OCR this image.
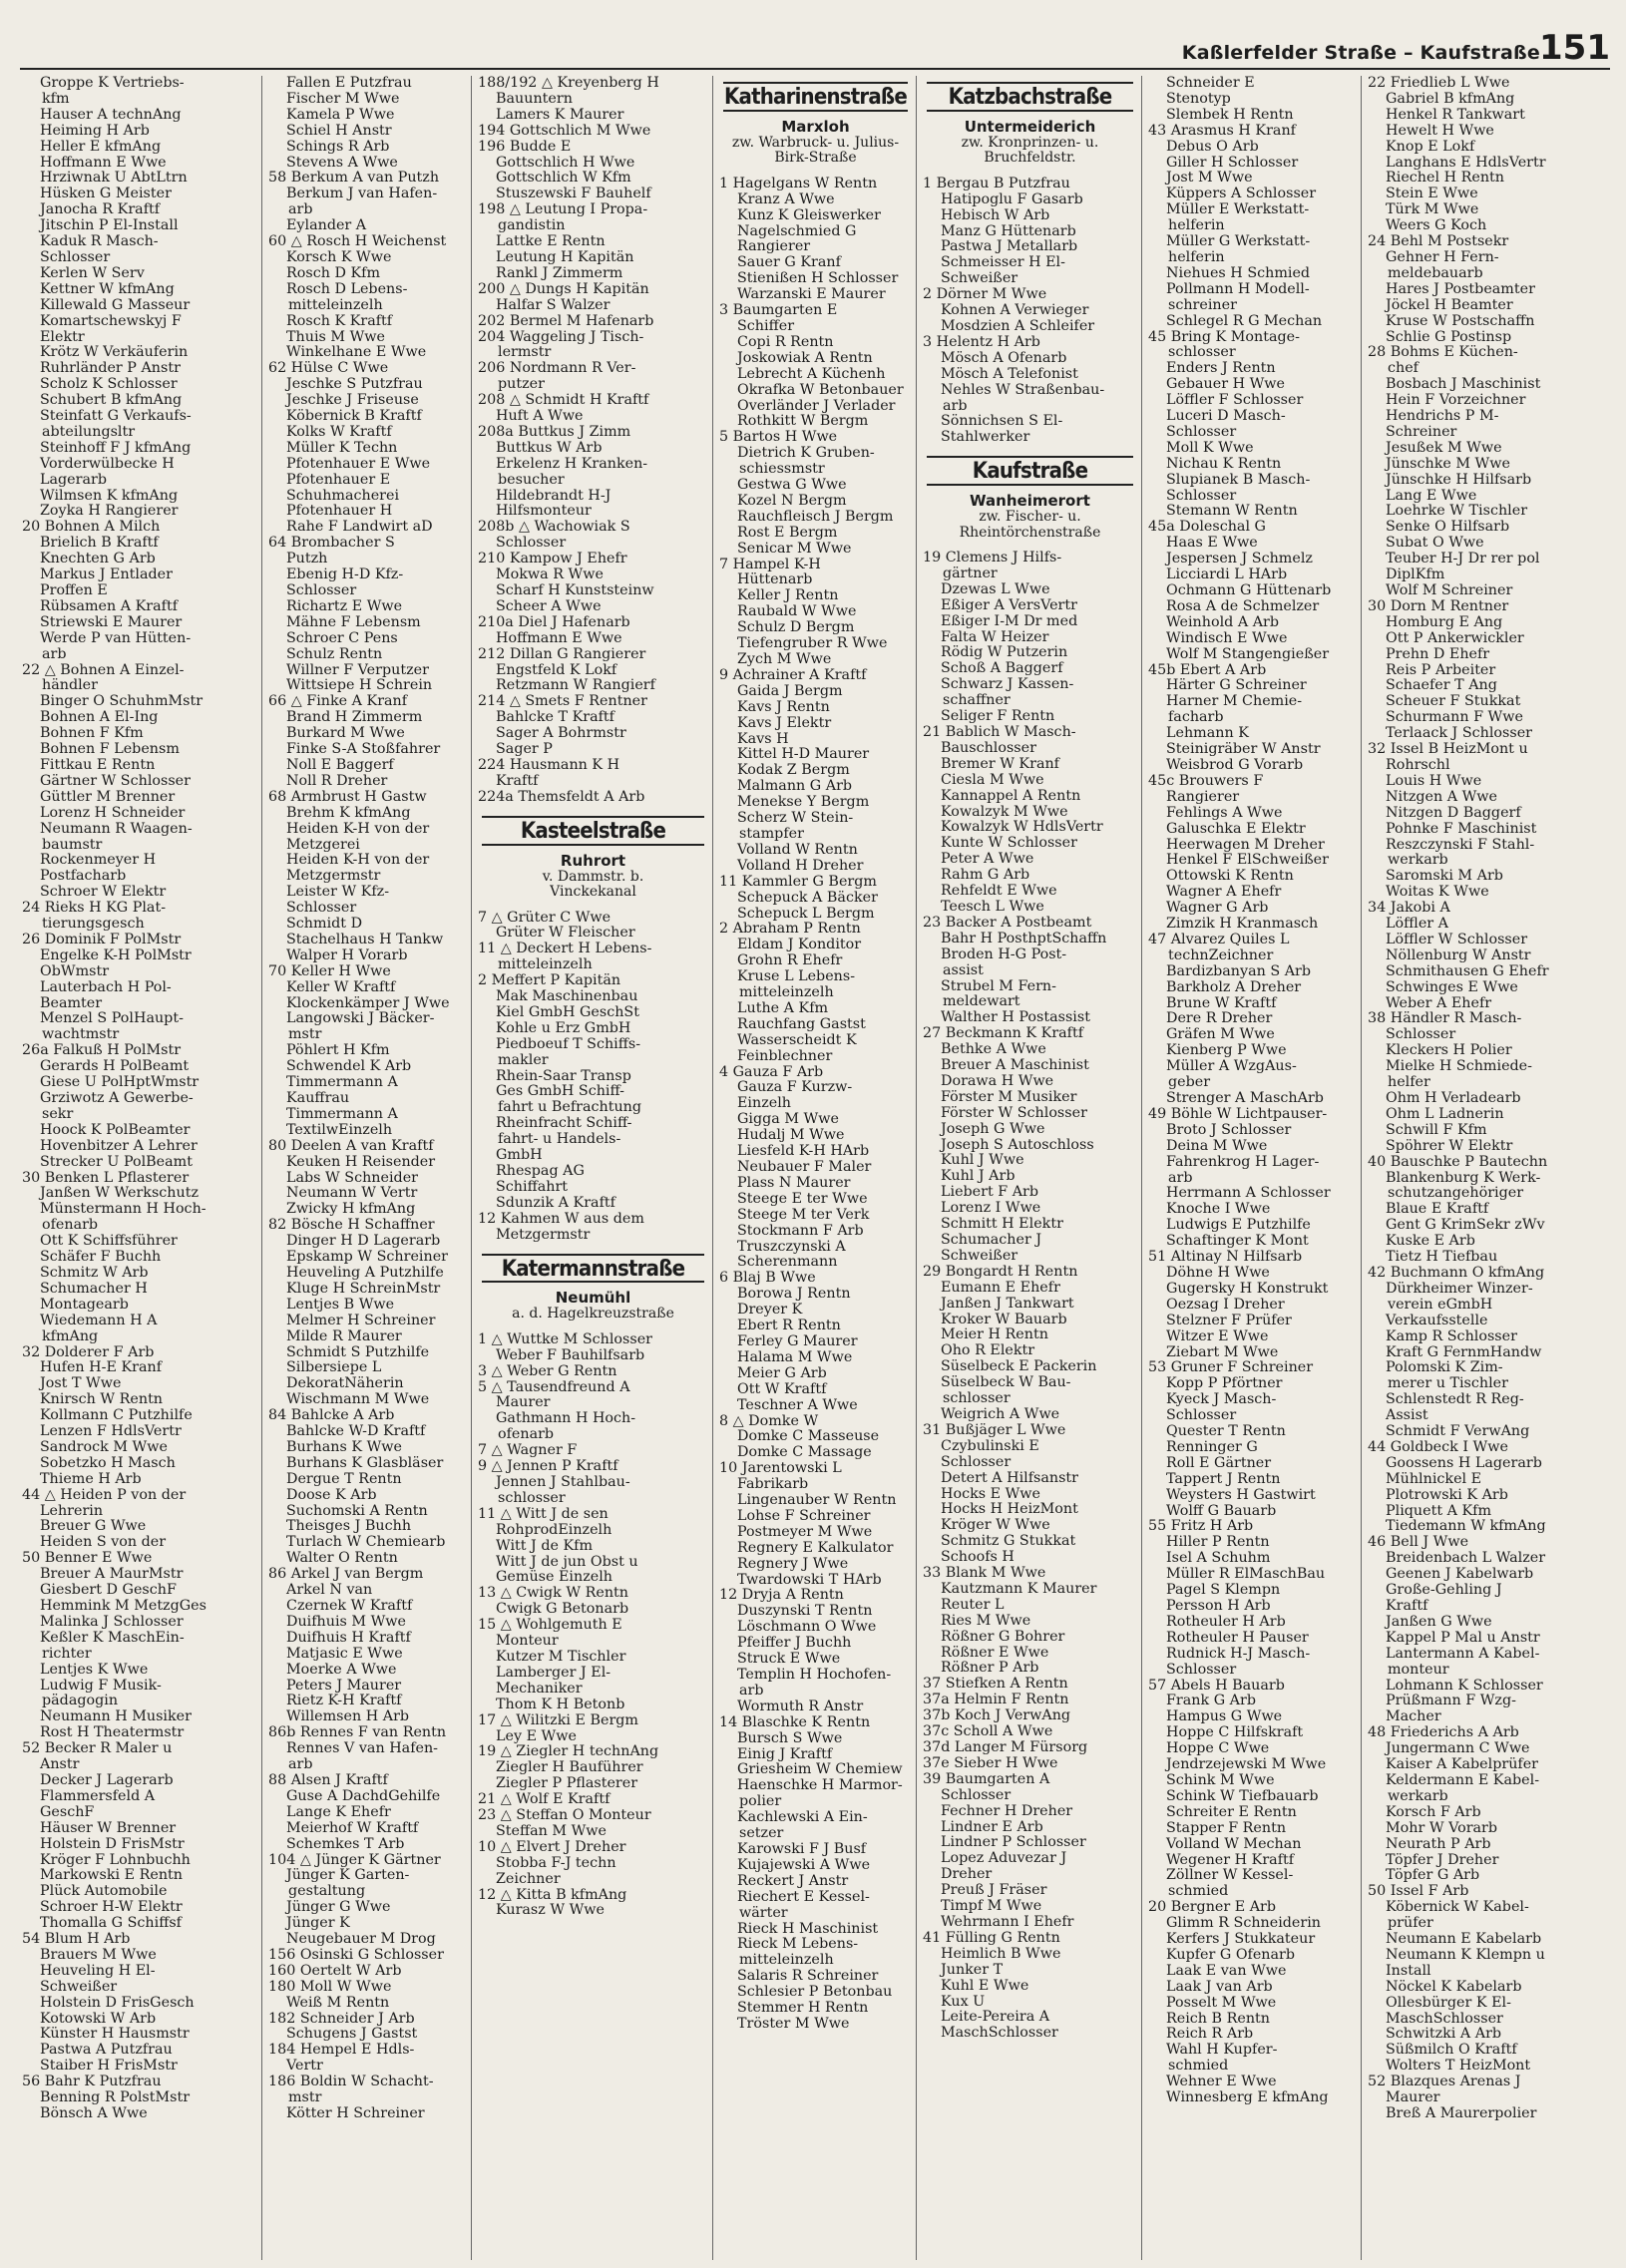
Kaßlerfelder Straße – Kaufstraße 151
Groppe K Vertriebs-
kfm
Hauser A technAng
Heiming H Arb
Heller E kfmAng
Hoffmann E Wwe
Hrziwnak U AbtLtrn
Hüsken G Meister
Janocha R Kraftf
Jitschin P El-Install
Kaduk R Masch-
Schlosser
Kerlen W Serv
Kettner W kfmAng
Killewald G Masseur
Komartschewskyj F
Elektr
Krötz W Verkäuferin
Ruhrländer P Anstr
Scholz K Schlosser
Schubert B kfmAng
Steinfatt G Verkaufs-
abteilungsltr
Steinhoff F J kfmAng
Vorderwülbecke H
Lagerarb
Wilmsen K kfmAng
Zoyka H Rangierer
20 Bohnen A Milch
Brielich B Kraftf
Knechten G Arb
Markus J Entlader
Proffen E
Rübsamen A Kraftf
Striewski E Maurer
Werde P van Hütten-
arb
22 △ Bohnen A Einzel-
händler
Binger O SchuhmMstr
Bohnen A El-Ing
Bohnen F Kfm
Bohnen F Lebensm
Fittkau E Rentn
Gärtner W Schlosser
Güttler M Brenner
Lorenz H Schneider
Neumann R Waagen-
baumstr
Rockenmeyer H
Postfacharb
Schroer W Elektr
24 Rieks H KG Plat-
tierungsgesch
26 Dominik F PolMstr
Engelke K-H PolMstr
ObWmstr
Lauterbach H Pol-
Beamter
Menzel S PolHaupt-
wachtmstr
26a Falkuß H PolMstr
Gerards H PolBeamt
Giese U PolHptWmstr
Grziwotz A Gewerbe-
sekr
Hoock K PolBeamter
Hovenbitzer A Lehrer
Strecker U PolBeamt
30 Benken L Pflasterer
Janßen W Werkschutz
Münstermann H Hoch-
ofenarb
Ott K Schiffsführer
Schäfer F Buchh
Schmitz W Arb
Schumacher H
Montagearb
Wiedemann H A
kfmAng
32 Dolderer F Arb
Hufen H-E Kranf
Jost T Wwe
Knirsch W Rentn
Kollmann C Putzhilfe
Lenzen F HdlsVertr
Sandrock M Wwe
Sobetzko H Masch
Thieme H Arb
44 △ Heiden P von der
Lehrerin
Breuer G Wwe
Heiden S von der
50 Benner E Wwe
Breuer A MaurMstr
Giesbert D GeschF
Hemmink M MetzgGes
Malinka J Schlosser
Keßler K MaschEin-
richter
Lentjes K Wwe
Ludwig F Musik-
pädagogin
Neumann H Musiker
Rost H Theatermstr
52 Becker R Maler u
Anstr
Decker J Lagerarb
Flammersfeld A
GeschF
Häuser W Brenner
Holstein D FrisMstr
Kröger F Lohnbuchh
Markowski E Rentn
Plück Automobile
Schroer H-W Elektr
Thomalla G Schiffsf
54 Blum H Arb
Brauers M Wwe
Heuveling H El-
Schweißer
Holstein D FrisGesch
Kotowski W Arb
Künster H Hausmstr
Pastwa A Putzfrau
Staiber H FrisMstr
56 Bahr K Putzfrau
Benning R PolstMstr
Bönsch A Wwe
Fallen E Putzfrau
Fischer M Wwe
Kamela P Wwe
Schiel H Anstr
Schings R Arb
Stevens A Wwe
58 Berkum A van Putzh
Berkum J van Hafen-
arb
Eylander A
60 △ Rosch H Weichenst
Korsch K Wwe
Rosch D Kfm
Rosch D Lebens-
mitteleinzelh
Rosch K Kraftf
Thuis M Wwe
Winkelhane E Wwe
62 Hülse C Wwe
Jeschke S Putzfrau
Jeschke J Friseuse
Köbernick B Kraftf
Kolks W Kraftf
Müller K Techn
Pfotenhauer E Wwe
Pfotenhauer E
Schuhmacherei
Pfotenhauer H
Rahe F Landwirt aD
64 Brombacher S
Putzh
Ebenig H-D Kfz-
Schlosser
Richartz E Wwe
Mähne F Lebensm
Schroer C Pens
Schulz Rentn
Willner F Verputzer
Wittsiepe H Schrein
66 △ Finke A Kranf
Brand H Zimmerm
Burkard M Wwe
Finke S-A Stoßfahrer
Noll E Baggerf
Noll R Dreher
68 Armbrust H Gastw
Brehm K kfmAng
Heiden K-H von der
Metzgerei
Heiden K-H von der
Metzgermstr
Leister W Kfz-
Schlosser
Schmidt D
Stachelhaus H Tankw
Walper H Vorarb
70 Keller H Wwe
Keller W Kraftf
Klockenkämper J Wwe
Langowski J Bäcker-
mstr
Pöhlert H Kfm
Schwendel K Arb
Timmermann A
Kauffrau
Timmermann A
TextilwEinzelh
80 Deelen A van Kraftf
Keuken H Reisender
Labs W Schneider
Neumann W Vertr
Zwicky H kfmAng
82 Bösche H Schaffner
Dinger H D Lagerarb
Epskamp W Schreiner
Heuveling A Putzhilfe
Kluge H SchreinMstr
Lentjes B Wwe
Melmer H Schreiner
Milde R Maurer
Schmidt S Putzhilfe
Silbersiepe L
DekoratNäherin
Wischmann M Wwe
84 Bahlcke A Arb
Bahlcke W-D Kraftf
Burhans K Wwe
Burhans K Glasbläser
Dergue T Rentn
Doose K Arb
Suchomski A Rentn
Theisges J Buchh
Turlach W Chemiearb
Walter O Rentn
86 Arkel J van Bergm
Arkel N van
Czernek W Kraftf
Duifhuis M Wwe
Duifhuis H Kraftf
Matjasic E Wwe
Moerke A Wwe
Peters J Maurer
Rietz K-H Kraftf
Willemsen H Arb
86b Rennes F van Rentn
Rennes V van Hafen-
arb
88 Alsen J Kraftf
Guse A DachdGehilfe
Lange K Ehefr
Meierhof W Kraftf
Schemkes T Arb
104 △ Jünger K Gärtner
Jünger K Garten-
gestaltung
Jünger G Wwe
Jünger K
Neugebauer M Drog
156 Osinski G Schlosser
160 Oertelt W Arb
180 Moll W Wwe
Weiß M Rentn
182 Schneider J Arb
Schugens J Gastst
184 Hempel E Hdls-
Vertr
186 Boldin W Schacht-
mstr
Kötter H Schreiner
188/192 △ Kreyenberg H
Bauuntern
Lamers K Maurer
194 Gottschlich M Wwe
196 Budde E
Gottschlich H Wwe
Gottschlich W Kfm
Stuszewski F Bauhelf
198 △ Leutung I Propa-
gandistin
Lattke E Rentn
Leutung H Kapitän
Rankl J Zimmerm
200 △ Dungs H Kapitän
Halfar S Walzer
202 Bermel M Hafenarb
204 Waggeling J Tisch-
lermstr
206 Nordmann R Ver-
putzer
208 △ Schmidt H Kraftf
Huft A Wwe
208a Buttkus J Zimm
Buttkus W Arb
Erkelenz H Kranken-
besucher
Hildebrandt H-J
Hilfsmonteur
208b △ Wachowiak S
Schlosser
210 Kampow J Ehefr
Mokwa R Wwe
Scharf H Kunststeinw
Scheer A Wwe
210a Diel J Hafenarb
Hoffmann E Wwe
212 Dillan G Rangierer
Engstfeld K Lokf
Retzmann W Rangierf
214 △ Smets F Rentner
Bahlcke T Kraftf
Sager A Bohrmstr
Sager P
224 Hausmann K H
Kraftf
224a Themsfeldt A Arb
Kasteelstraße
Ruhrort
v. Dammstr. b.
Vinckekanal
7 △ Grüter C Wwe
Grüter W Fleischer
11 △ Deckert H Lebens-
mitteleinzelh
2 Meffert P Kapitän
Mak Maschinenbau
Kiel GmbH GeschSt
Kohle u Erz GmbH
Piedboeuf T Schiffs-
makler
Rhein-Saar Transp
Ges GmbH Schiff-
fahrt u Befrachtung
Rheinfracht Schiff-
fahrt- u Handels-
GmbH
Rhespag AG
Schiffahrt
Sdunzik A Kraftf
12 Kahmen W aus dem
Metzgermstr
Katermannstraße
Neumühl
a. d. Hagelkreuzstraße
1 △ Wuttke M Schlosser
Weber F Bauhilfsarb
3 △ Weber G Rentn
5 △ Tausendfreund A
Maurer
Gathmann H Hoch-
ofenarb
7 △ Wagner F
9 △ Jennen P Kraftf
Jennen J Stahlbau-
schlosser
11 △ Witt J de sen
RohprodEinzelh
Witt J de Kfm
Witt J de jun Obst u
Gemüse Einzelh
13 △ Cwigk W Rentn
Cwigk G Betonarb
15 △ Wohlgemuth E
Monteur
Kutzer M Tischler
Lamberger J El-
Mechaniker
Thom K H Betonb
17 △ Wilitzki E Bergm
Ley E Wwe
19 △ Ziegler H technAng
Ziegler H Bauführer
Ziegler P Pflasterer
21 △ Wolf E Kraftf
23 △ Steffan O Monteur
Steffan M Wwe
10 △ Elvert J Dreher
Stobba F-J techn
Zeichner
12 △ Kitta B kfmAng
Kurasz W Wwe
Katharinenstraße
Marxloh
zw. Warbruck- u. Julius-
Birk-Straße
1 Hagelgans W Rentn
Kranz A Wwe
Kunz K Gleiswerker
Nagelschmied G
Rangierer
Sauer G Kranf
Stienißen H Schlosser
Warzanski E Maurer
3 Baumgarten E
Schiffer
Copi R Rentn
Joskowiak A Rentn
Lebrecht A Küchenh
Okrafka W Betonbauer
Overländer J Verlader
Rothkitt W Bergm
5 Bartos H Wwe
Dietrich K Gruben-
schiessmstr
Gestwa G Wwe
Kozel N Bergm
Rauchfleisch J Bergm
Rost E Bergm
Senicar M Wwe
7 Hampel K-H
Hüttenarb
Keller J Rentn
Raubald W Wwe
Schulz D Bergm
Tiefengruber R Wwe
Zych M Wwe
9 Achrainer A Kraftf
Gaida J Bergm
Kavs J Rentn
Kavs J Elektr
Kavs H
Kittel H-D Maurer
Kodak Z Bergm
Malmann G Arb
Menekse Y Bergm
Scherz W Stein-
stampfer
Volland W Rentn
Volland H Dreher
11 Kammler G Bergm
Schepuck A Bäcker
Schepuck L Bergm
2 Abraham P Rentn
Eldam J Konditor
Grohn R Ehefr
Kruse L Lebens-
mitteleinzelh
Luthe A Kfm
Rauchfang Gastst
Wasserscheidt K
Feinblechner
4 Gauza F Arb
Gauza F Kurzw-
Einzelh
Gigga M Wwe
Hudalj M Wwe
Liesfeld K-H HArb
Neubauer F Maler
Plass N Maurer
Steege E ter Wwe
Steege M ter Verk
Stockmann F Arb
Truszczynski A
Scherenmann
6 Blaj B Wwe
Borowa J Rentn
Dreyer K
Ebert R Rentn
Ferley G Maurer
Halama M Wwe
Meier G Arb
Ott W Kraftf
Teschner A Wwe
8 △ Domke W
Domke C Masseuse
Domke C Massage
10 Jarentowski L
Fabrikarb
Lingenauber W Rentn
Lohse F Schreiner
Postmeyer M Wwe
Regnery E Kalkulator
Regnery J Wwe
Twardowski T HArb
12 Dryja A Rentn
Duszynski T Rentn
Löschmann O Wwe
Pfeiffer J Buchh
Struck E Wwe
Templin H Hochofen-
arb
Wormuth R Anstr
14 Blaschke K Rentn
Bursch S Wwe
Einig J Kraftf
Griesheim W Chemiew
Haenschke H Marmor-
polier
Kachlewski A Ein-
setzer
Karowski F J Busf
Kujajewski A Wwe
Reckert J Anstr
Riechert E Kessel-
wärter
Rieck H Maschinist
Rieck M Lebens-
mitteleinzelh
Salaris R Schreiner
Schlesier P Betonbau
Stemmer H Rentn
Tröster M Wwe
Katzbachstraße
Untermeiderich
zw. Kronprinzen- u.
Bruchfeldstr.
1 Bergau B Putzfrau
Hatipoglu F Gasarb
Hebisch W Arb
Manz G Hüttenarb
Pastwa J Metallarb
Schmeisser H El-
Schweißer
2 Dörner M Wwe
Kohnen A Verwieger
Mosdzien A Schleifer
3 Helentz H Arb
Mösch A Ofenarb
Mösch A Telefonist
Nehles W Straßenbau-
arb
Sönnichsen S El-
Stahlwerker
Kaufstraße
Wanheimerort
zw. Fischer- u.
Rheintörchenstraße
19 Clemens J Hilfs-
gärtner
Dzewas L Wwe
Eßiger A VersVertr
Eßiger I-M Dr med
Falta W Heizer
Rödig W Putzerin
Schoß A Baggerf
Schwarz J Kassen-
schaffner
Seliger F Rentn
21 Bablich W Masch-
Bauschlosser
Bremer W Kranf
Ciesla M Wwe
Kannappel A Rentn
Kowalzyk M Wwe
Kowalzyk W HdlsVertr
Kunte W Schlosser
Peter A Wwe
Rahm G Arb
Rehfeldt E Wwe
Teesch L Wwe
23 Backer A Postbeamt
Bahr H PosthptSchaffn
Broden H-G Post-
assist
Strubel M Fern-
meldewart
Walther H Postassist
27 Beckmann K Kraftf
Bethke A Wwe
Breuer A Maschinist
Dorawa H Wwe
Förster M Musiker
Förster W Schlosser
Joseph G Wwe
Joseph S Autoschloss
Kuhl J Wwe
Kuhl J Arb
Liebert F Arb
Lorenz I Wwe
Schmitt H Elektr
Schumacher J
Schweißer
29 Bongardt H Rentn
Eumann E Ehefr
Janßen J Tankwart
Kroker W Bauarb
Meier H Rentn
Oho R Elektr
Süselbeck E Packerin
Süselbeck W Bau-
schlosser
Weigrich A Wwe
31 Bußjäger L Wwe
Czybulinski E
Schlosser
Detert A Hilfsanstr
Hocks E Wwe
Hocks H HeizMont
Kröger W Wwe
Schmitz G Stukkat
Schoofs H
33 Blank M Wwe
Kautzmann K Maurer
Reuter L
Ries M Wwe
Rößner G Bohrer
Rößner E Wwe
Rößner P Arb
37 Stiefken A Rentn
37a Helmin F Rentn
37b Koch J VerwAng
37c Scholl A Wwe
37d Langer M Fürsorg
37e Sieber H Wwe
39 Baumgarten A
Schlosser
Fechner H Dreher
Lindner E Arb
Lindner P Schlosser
Lopez Aduvezar J
Dreher
Preuß J Fräser
Timpf M Wwe
Wehrmann I Ehefr
41 Fülling G Rentn
Heimlich B Wwe
Junker T
Kuhl E Wwe
Kux U
Leite-Pereira A
MaschSchlosser
Schneider E
Stenotyp
Slembek H Rentn
43 Arasmus H Kranf
Debus O Arb
Giller H Schlosser
Jost M Wwe
Küppers A Schlosser
Müller E Werkstatt-
helferin
Müller G Werkstatt-
helferin
Niehues H Schmied
Pollmann H Modell-
schreiner
Schlegel R G Mechan
45 Bring K Montage-
schlosser
Enders J Rentn
Gebauer H Wwe
Löffler F Schlosser
Luceri D Masch-
Schlosser
Moll K Wwe
Nichau K Rentn
Slupianek B Masch-
Schlosser
Stemann W Rentn
45a Doleschal G
Haas E Wwe
Jespersen J Schmelz
Licciardi L HArb
Ochmann G Hüttenarb
Rosa A de Schmelzer
Weinhold A Arb
Windisch E Wwe
Wolf M Stangengießer
45b Ebert A Arb
Härter G Schreiner
Harner M Chemie-
facharb
Lehmann K
Steinigräber W Anstr
Weisbrod G Vorarb
45c Brouwers F
Rangierer
Fehlings A Wwe
Galuschka E Elektr
Heerwagen M Dreher
Henkel F ElSchweißer
Ottowski K Rentn
Wagner A Ehefr
Wagner G Arb
Zimzik H Kranmasch
47 Alvarez Quiles L
technZeichner
Bardizbanyan S Arb
Barkholz A Dreher
Brune W Kraftf
Dere R Dreher
Gräfen M Wwe
Kienberg P Wwe
Müller A WzgAus-
geber
Strenger A MaschArb
49 Böhle W Lichtpauser-
Broto J Schlosser
Deina M Wwe
Fahrenkrog H Lager-
arb
Herrmann A Schlosser
Knoche I Wwe
Ludwigs E Putzhilfe
Schaftinger K Mont
51 Altinay N Hilfsarb
Döhne H Wwe
Gugersky H Konstrukt
Oezsag I Dreher
Stelzner F Prüfer
Witzer E Wwe
Ziebart M Wwe
53 Gruner F Schreiner
Kopp P Pförtner
Kyeck J Masch-
Schlosser
Quester T Rentn
Renninger G
Roll E Gärtner
Tappert J Rentn
Weysters H Gastwirt
Wolff G Bauarb
55 Fritz H Arb
Hiller P Rentn
Isel A Schuhm
Müller R ElMaschBau
Pagel S Klempn
Persson H Arb
Rotheuler H Arb
Rotheuler H Pauser
Rudnick H-J Masch-
Schlosser
57 Abels H Bauarb
Frank G Arb
Hampus G Wwe
Hoppe C Hilfskraft
Hoppe C Wwe
Jendrzejewski M Wwe
Schink M Wwe
Schink W Tiefbauarb
Schreiter E Rentn
Stapper F Rentn
Volland W Mechan
Wegener H Kraftf
Zöllner W Kessel-
schmied
20 Bergner E Arb
Glimm R Schneiderin
Kerfers J Stukkateur
Kupfer G Ofenarb
Laak E van Wwe
Laak J van Arb
Posselt M Wwe
Reich B Rentn
Reich R Arb
Wahl H Kupfer-
schmied
Wehner E Wwe
Winnesberg E kfmAng
22 Friedlieb L Wwe
Gabriel B kfmAng
Henkel R Tankwart
Hewelt H Wwe
Knop E Lokf
Langhans E HdlsVertr
Riechel H Rentn
Stein E Wwe
Türk M Wwe
Weers G Koch
24 Behl M Postsekr
Gehner H Fern-
meldebauarb
Hares J Postbeamter
Jöckel H Beamter
Kruse W Postschaffn
Schlie G Postinsp
28 Bohms E Küchen-
chef
Bosbach J Maschinist
Hein F Vorzeichner
Hendrichs P M-
Schreiner
Jesußek M Wwe
Jünschke M Wwe
Jünschke H Hilfsarb
Lang E Wwe
Loehrke W Tischler
Senke O Hilfsarb
Subat O Wwe
Teuber H-J Dr rer pol
DiplKfm
Wolf M Schreiner
30 Dorn M Rentner
Homburg E Ang
Ott P Ankerwickler
Prehn D Ehefr
Reis P Arbeiter
Schaefer T Ang
Scheuer F Stukkat
Schurmann F Wwe
Terlaack J Schlosser
32 Issel B HeizMont u
Rohrschl
Louis H Wwe
Nitzgen A Wwe
Nitzgen D Baggerf
Pohnke F Maschinist
Reszczynski F Stahl-
werkarb
Saromski M Arb
Woitas K Wwe
34 Jakobi A
Löffler A
Löffler W Schlosser
Nöllenburg W Anstr
Schmithausen G Ehefr
Schwinges E Wwe
Weber A Ehefr
38 Händler R Masch-
Schlosser
Kleckers H Polier
Mielke H Schmiede-
helfer
Ohm H Verladearb
Ohm L Ladnerin
Schwill F Kfm
Spöhrer W Elektr
40 Bauschke P Bautechn
Blankenburg K Werk-
schutzangehöriger
Blaue E Kraftf
Gent G KrimSekr zWv
Kuske E Arb
Tietz H Tiefbau
42 Buchmann O kfmAng
Dürkheimer Winzer-
verein eGmbH
Verkaufsstelle
Kamp R Schlosser
Kraft G FernmHandw
Polomski K Zim-
merer u Tischler
Schlenstedt R Reg-
Assist
Schmidt F VerwAng
44 Goldbeck I Wwe
Goossens H Lagerarb
Mühlnickel E
Plotrowski K Arb
Pliquett A Kfm
Tiedemann W kfmAng
46 Bell J Wwe
Breidenbach L Walzer
Geenen J Kabelwarb
Große-Gehling J
Kraftf
Janßen G Wwe
Kappel P Mal u Anstr
Lantermann A Kabel-
monteur
Lohmann K Schlosser
Prüßmann F Wzg-
Macher
48 Friederichs A Arb
Jungermann C Wwe
Kaiser A Kabelprüfer
Keldermann E Kabel-
werkarb
Korsch F Arb
Mohr W Vorarb
Neurath P Arb
Töpfer J Dreher
Töpfer G Arb
50 Issel F Arb
Köbernick W Kabel-
prüfer
Neumann E Kabelarb
Neumann K Klempn u
Install
Nöckel K Kabelarb
Ollesbürger K El-
MaschSchlosser
Schwitzki A Arb
Süßmilch O Kraftf
Wolters T HeizMont
52 Blazques Arenas J
Maurer
Breß A Maurerpolier
